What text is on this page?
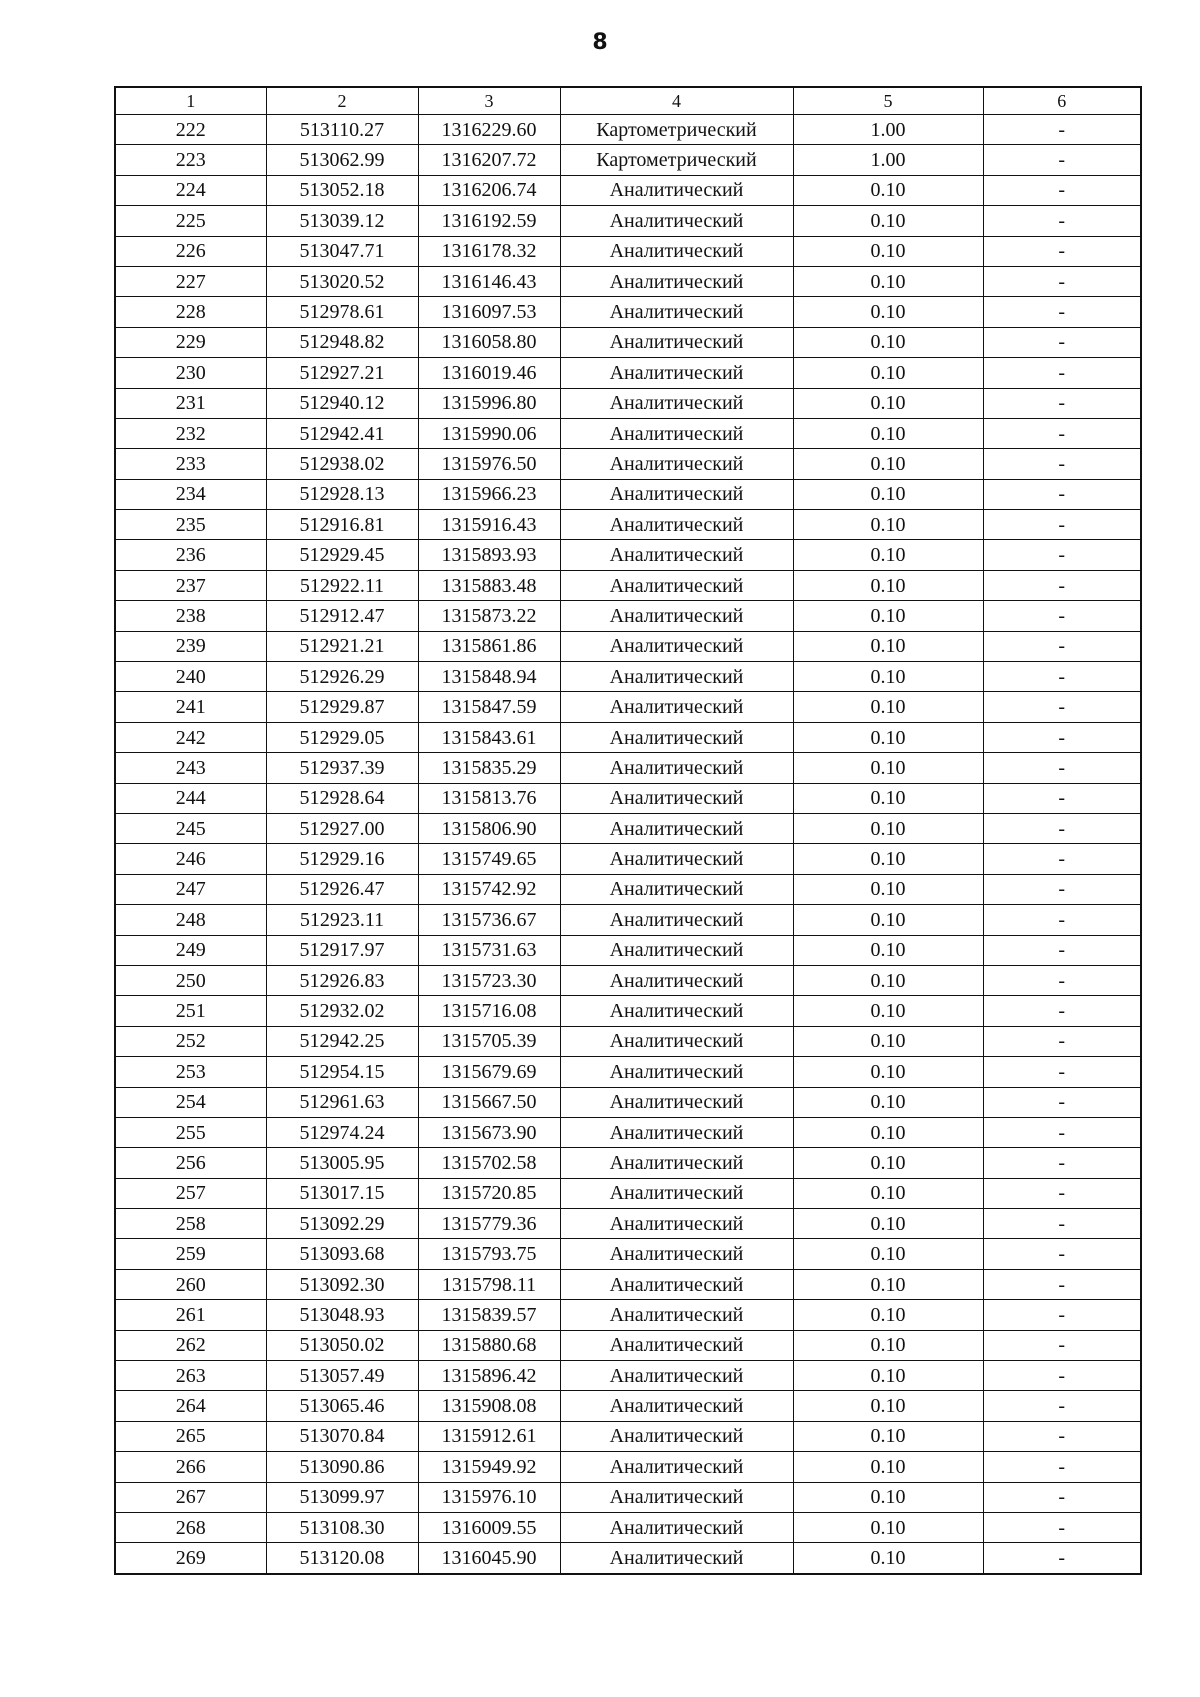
8
1	2	3	4	5	6
222	513110.27	1316229.60	Картометрический	1.00	-
223	513062.99	1316207.72	Картометрический	1.00	-
224	513052.18	1316206.74	Аналитический	0.10	-
225	513039.12	1316192.59	Аналитический	0.10	-
226	513047.71	1316178.32	Аналитический	0.10	-
227	513020.52	1316146.43	Аналитический	0.10	-
228	512978.61	1316097.53	Аналитический	0.10	-
229	512948.82	1316058.80	Аналитический	0.10	-
230	512927.21	1316019.46	Аналитический	0.10	-
231	512940.12	1315996.80	Аналитический	0.10	-
232	512942.41	1315990.06	Аналитический	0.10	-
233	512938.02	1315976.50	Аналитический	0.10	-
234	512928.13	1315966.23	Аналитический	0.10	-
235	512916.81	1315916.43	Аналитический	0.10	-
236	512929.45	1315893.93	Аналитический	0.10	-
237	512922.11	1315883.48	Аналитический	0.10	-
238	512912.47	1315873.22	Аналитический	0.10	-
239	512921.21	1315861.86	Аналитический	0.10	-
240	512926.29	1315848.94	Аналитический	0.10	-
241	512929.87	1315847.59	Аналитический	0.10	-
242	512929.05	1315843.61	Аналитический	0.10	-
243	512937.39	1315835.29	Аналитический	0.10	-
244	512928.64	1315813.76	Аналитический	0.10	-
245	512927.00	1315806.90	Аналитический	0.10	-
246	512929.16	1315749.65	Аналитический	0.10	-
247	512926.47	1315742.92	Аналитический	0.10	-
248	512923.11	1315736.67	Аналитический	0.10	-
249	512917.97	1315731.63	Аналитический	0.10	-
250	512926.83	1315723.30	Аналитический	0.10	-
251	512932.02	1315716.08	Аналитический	0.10	-
252	512942.25	1315705.39	Аналитический	0.10	-
253	512954.15	1315679.69	Аналитический	0.10	-
254	512961.63	1315667.50	Аналитический	0.10	-
255	512974.24	1315673.90	Аналитический	0.10	-
256	513005.95	1315702.58	Аналитический	0.10	-
257	513017.15	1315720.85	Аналитический	0.10	-
258	513092.29	1315779.36	Аналитический	0.10	-
259	513093.68	1315793.75	Аналитический	0.10	-
260	513092.30	1315798.11	Аналитический	0.10	-
261	513048.93	1315839.57	Аналитический	0.10	-
262	513050.02	1315880.68	Аналитический	0.10	-
263	513057.49	1315896.42	Аналитический	0.10	-
264	513065.46	1315908.08	Аналитический	0.10	-
265	513070.84	1315912.61	Аналитический	0.10	-
266	513090.86	1315949.92	Аналитический	0.10	-
267	513099.97	1315976.10	Аналитический	0.10	-
268	513108.30	1316009.55	Аналитический	0.10	-
269	513120.08	1316045.90	Аналитический	0.10	-
